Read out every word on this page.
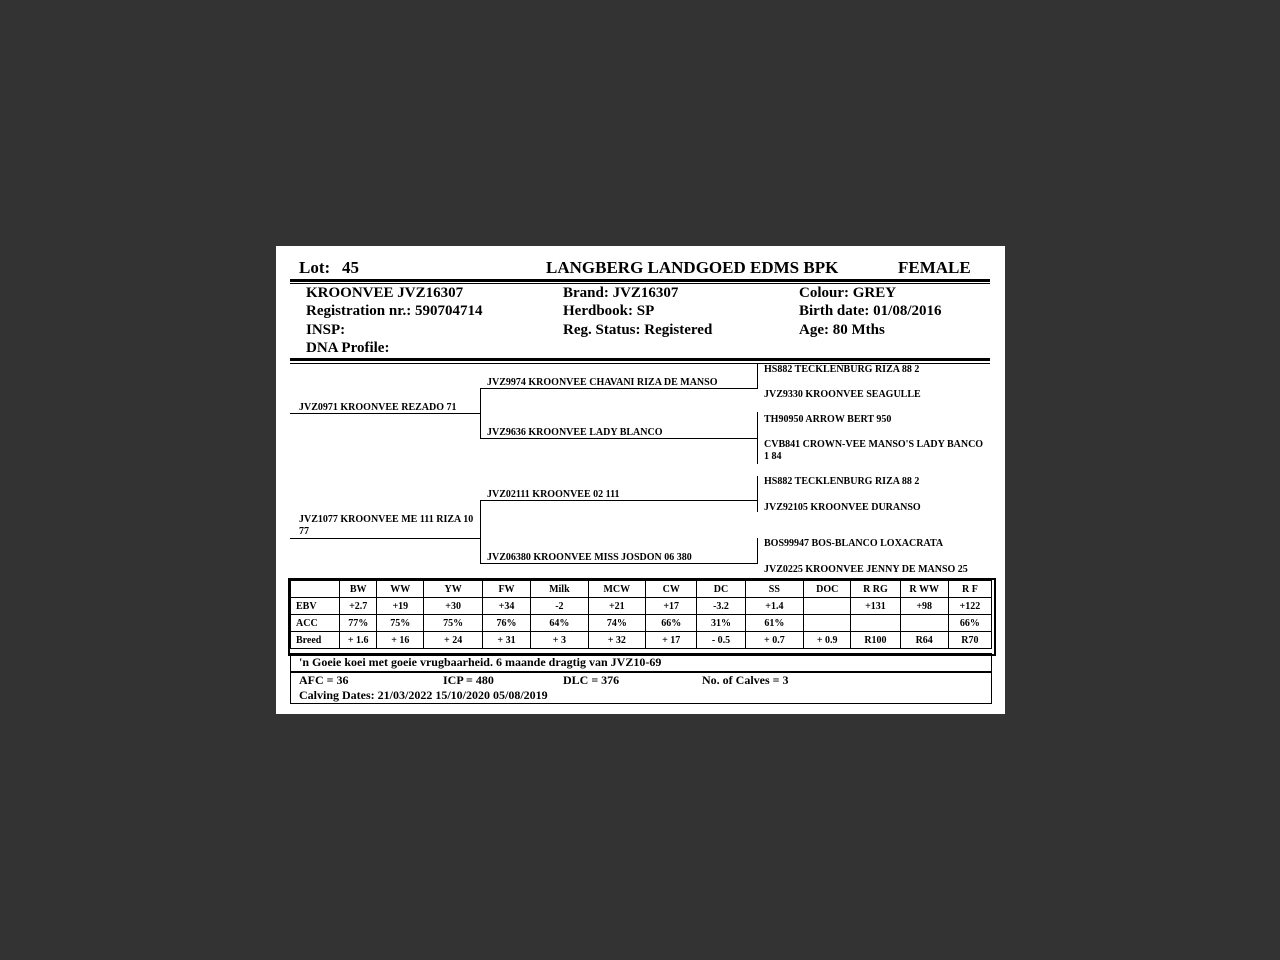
Lot: 45	LANGBERG LANDGOED EDMS BPK	FEMALE
KROONVEE JVZ16307
Registration nr.: 590704714
INSP:
DNA Profile:
Brand: JVZ16307
Herdbook: SP
Reg. Status: Registered
Colour: GREY
Birth date: 01/08/2016
Age: 80 Mths
JVZ0971 KROONVEE REZADO 71
JVZ1077 KROONVEE ME 111 RIZA 10 77
JVZ9974 KROONVEE CHAVANI RIZA DE MANSO
JVZ9636 KROONVEE LADY BLANCO
JVZ02111 KROONVEE 02 111
JVZ06380 KROONVEE MISS JOSDON 06 380
HS882 TECKLENBURG RIZA 88 2
JVZ9330 KROONVEE SEAGULLE
TH90950 ARROW BERT 950
CVB841 CROWN-VEE MANSO'S LADY BANCO 1 84
HS882 TECKLENBURG RIZA 88 2
JVZ92105 KROONVEE DURANSO
BOS99947 BOS-BLANCO LOXACRATA
JVZ0225 KROONVEE JENNY DE MANSO 25
	BW	WW	YW	FW	Milk	MCW	CW	DC	SS	DOC	R RG	R WW	R F
EBV	+2.7	+19	+30	+34	-2	+21	+17	-3.2	+1.4		+131	+98	+122
ACC	77%	75%	75%	76%	64%	74%	66%	31%	61%				66%
Breed	+ 1.6	+ 16	+ 24	+ 31	+ 3	+ 32	+ 17	- 0.5	+ 0.7	+ 0.9	R100	R64	R70
'n Goeie koei met goeie vrugbaarheid. 6 maande dragtig van JVZ10-69
AFC = 36	ICP = 480	DLC = 376	No. of Calves = 3
Calving Dates: 21/03/2022 15/10/2020 05/08/2019
